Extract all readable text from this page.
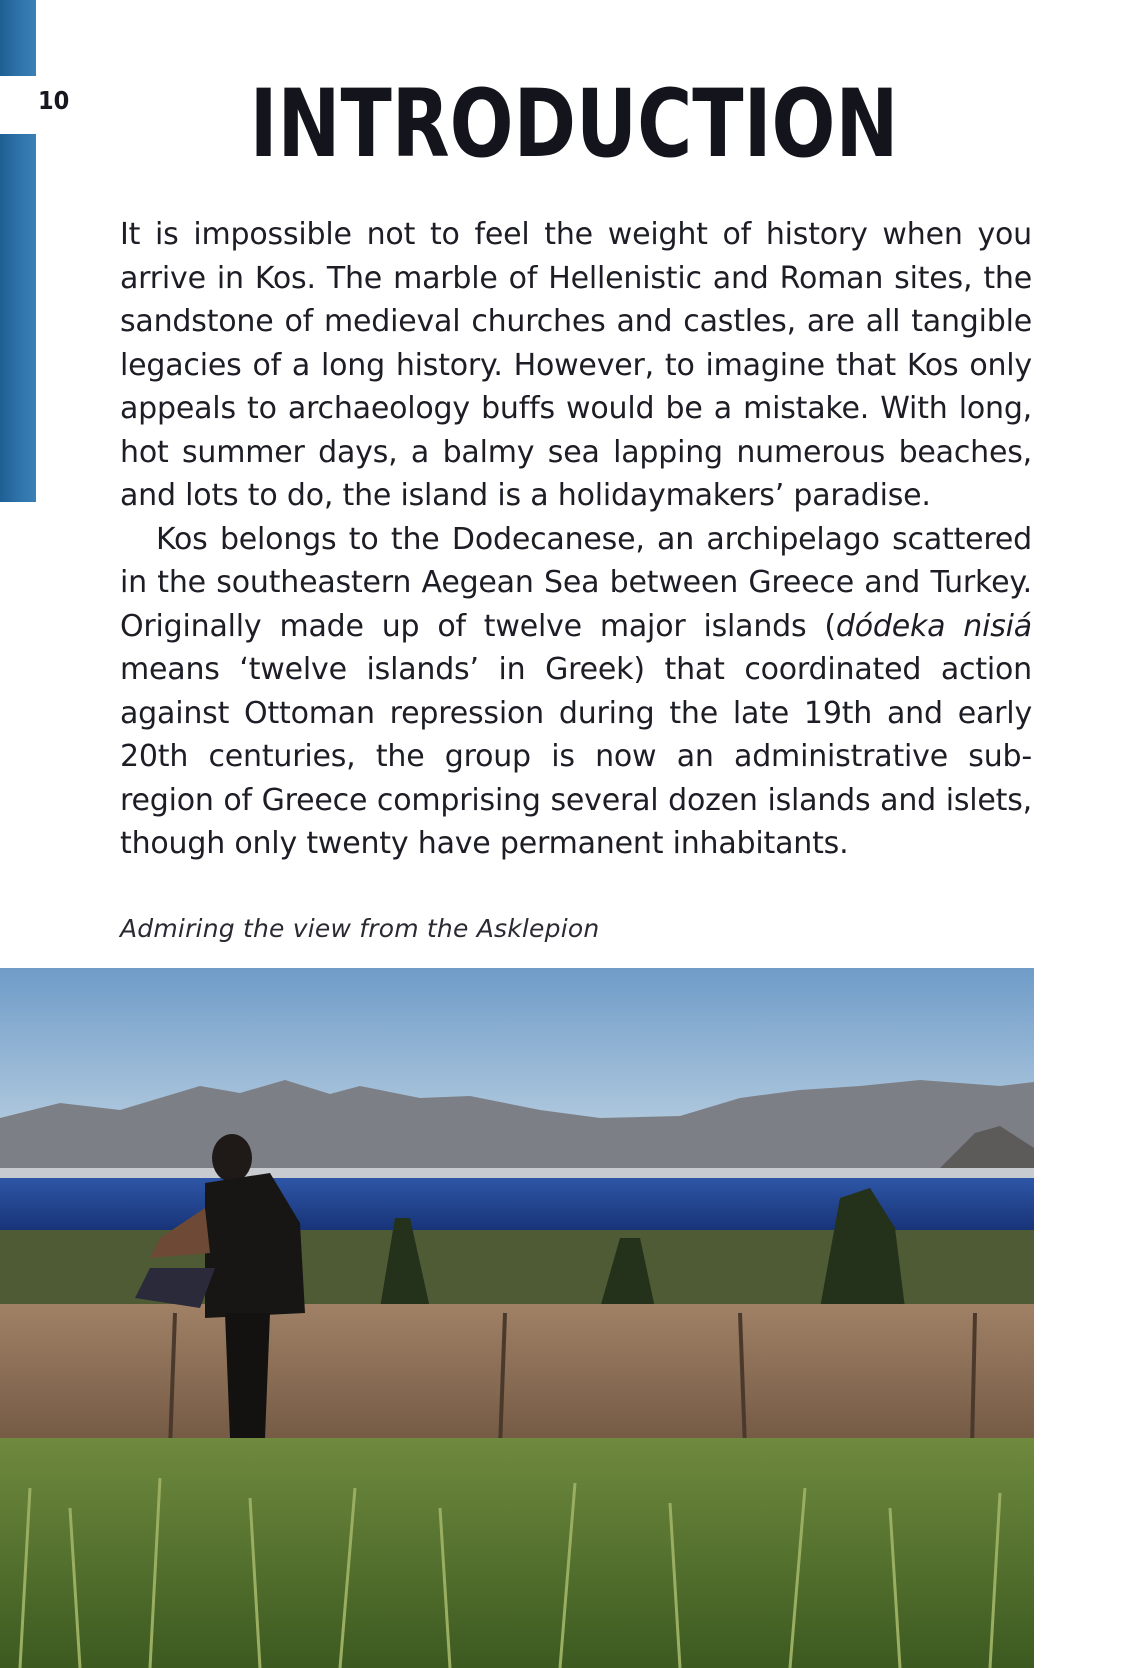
10	INTRODUCTION

It is impossible not to feel the weight of history when you arrive in Kos. The marble of Hellenistic and Roman sites, the sandstone of medieval churches and castles, are all tangible legacies of a long history. However, to imagine that Kos only appeals to archaeology buffs would be a mistake. With long, hot summer days, a balmy sea lapping numerous beaches, and lots to do, the island is a holidaymakers’ paradise.

Kos belongs to the Dodecanese, an archipelago scattered in the southeastern Aegean Sea between Greece and Turkey. Originally made up of twelve major islands (dódeka nisiá means ‘twelve islands’ in Greek) that coordinated action against Ottoman repression during the late 19th and early 20th centuries, the group is now an administrative sub-region of Greece comprising several dozen islands and islets, though only twenty have permanent inhabitants.

Admiring the view from the Asklepion
